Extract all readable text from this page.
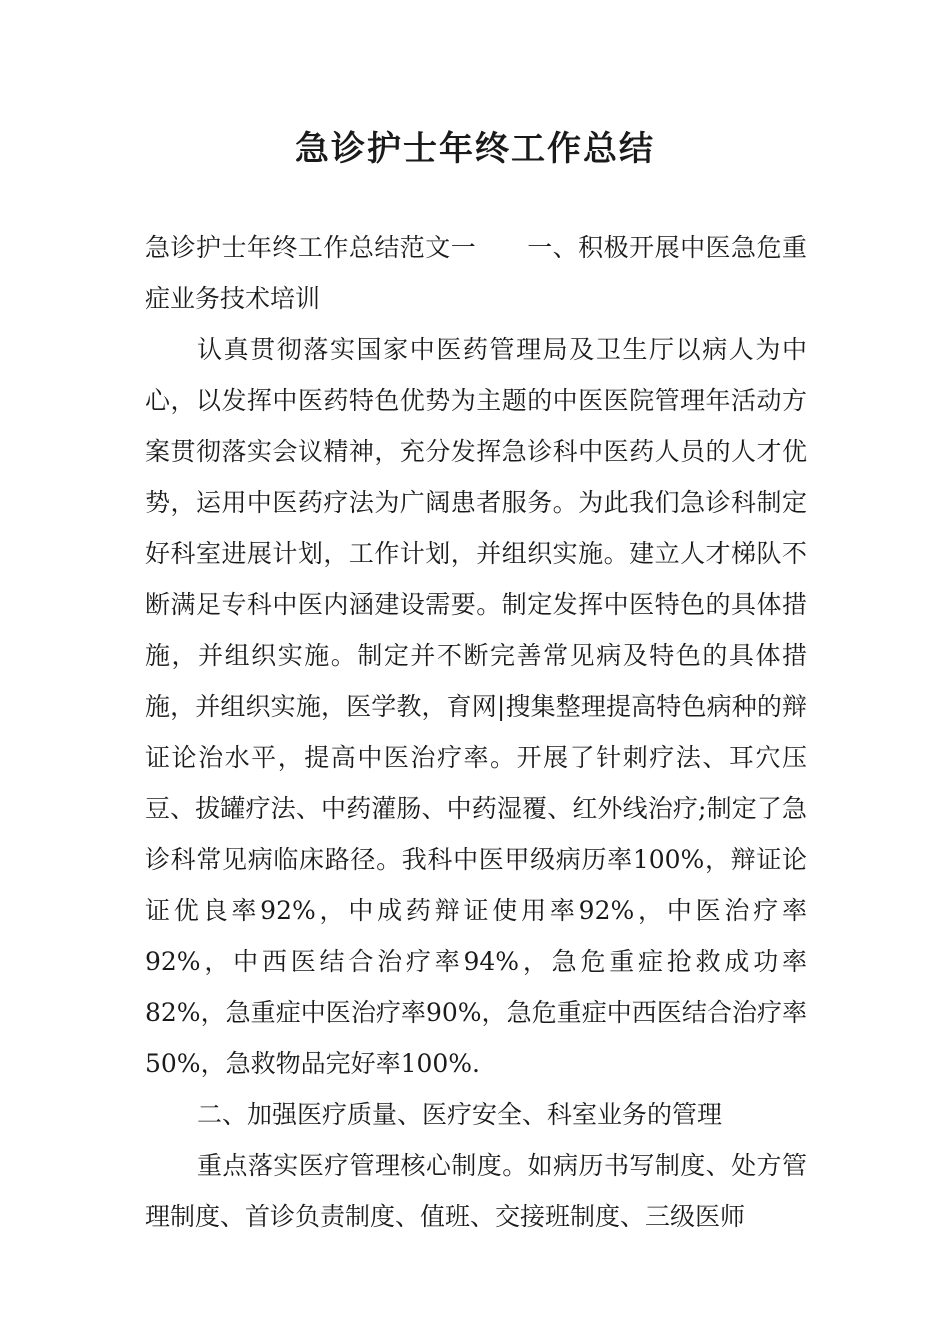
急诊护士年终工作总结

急诊护士年终工作总结范文一　　一、积极开展中医急危重症业务技术培训

认真贯彻落实国家中医药管理局及卫生厅以病人为中心，以发挥中医药特色优势为主题的中医医院管理年活动方案贯彻落实会议精神，充分发挥急诊科中医药人员的人才优势，运用中医药疗法为广阔患者服务。为此我们急诊科制定好科室进展计划，工作计划，并组织实施。建立人才梯队不断满足专科中医内涵建设需要。制定发挥中医特色的具体措施，并组织实施。制定并不断完善常见病及特色的具体措施，并组织实施，医学教，育网|搜集整理提高特色病种的辩证论治水平，提高中医治疗率。开展了针刺疗法、耳穴压豆、拔罐疗法、中药灌肠、中药湿覆、红外线治疗;制定了急诊科常见病临床路径。我科中医甲级病历率100%，辩证论证优良率92%，中成药辩证使用率92%，中医治疗率92%，中西医结合治疗率94%，急危重症抢救成功率82%，急重症中医治疗率90%，急危重症中西医结合治疗率50%，急救物品完好率100%.

二、加强医疗质量、医疗安全、科室业务的管理

重点落实医疗管理核心制度。如病历书写制度、处方管理制度、首诊负责制度、值班、交接班制度、三级医师
